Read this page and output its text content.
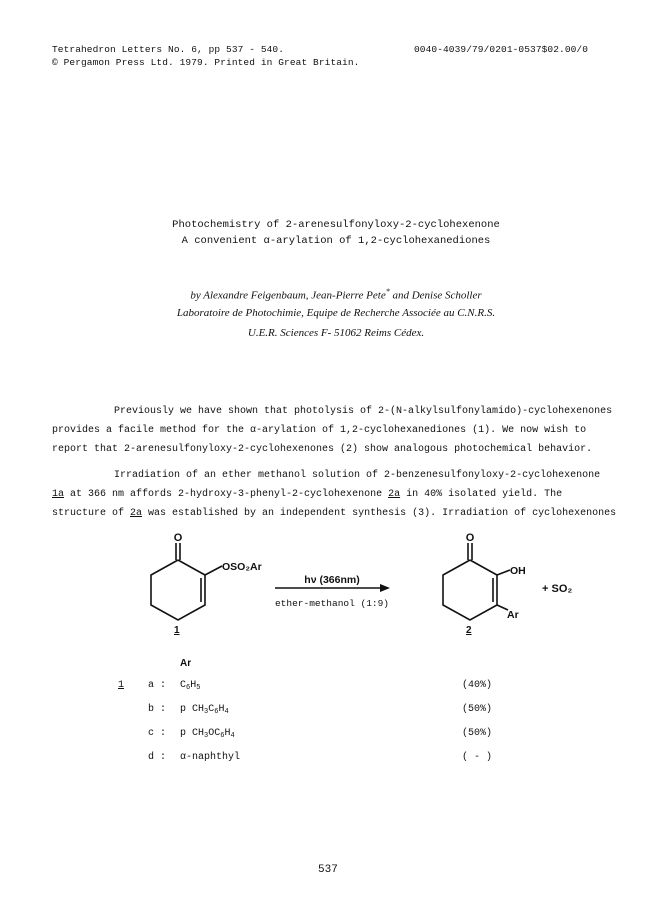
Tetrahedron Letters No. 6, pp 537 - 540.
© Pergamon Press Ltd. 1979. Printed in Great Britain.
0040-4039/79/0201-0537$02.00/0
Photochemistry of 2-arenesulfonyloxy-2-cyclohexenone
A convenient α-arylation of 1,2-cyclohexanediones
by Alexandre Feigenbaum, Jean-Pierre Pete* and Denise Scholler
Laboratoire de Photochimie, Equipe de Recherche Associée au C.N.R.S.
U.E.R. Sciences F- 51062 Reims Cédex.
Previously we have shown that photolysis of 2-(N-alkylsulfonylamido)-cyclohexenones
provides a facile method for the α-arylation of 1,2-cyclohexanediones (1). We now wish to
report that 2-arenesulfonyloxy-2-cyclohexenones (2) show analogous photochemical behavior.
Irradiation of an ether methanol solution of 2-benzenesulfonyloxy-2-cyclohexenone
1a at 366 nm affords 2-hydroxy-3-phenyl-2-cyclohexenone 2a in 40% isolated yield. The
structure of 2a was established by an independent synthesis (3). Irradiation of cyclohexenones
O
OSO₂Ar
hν (366nm)
ether-methanol (1:9)
O
OH
Ar
+ SO₂
1	2
Ar
1 a : $C_6H_5$	(40%)
b : p $CH_3C_6H_4$	(50%)
c : p $CH_3OC_6H_4$	(50%)
d : α-naphthyl	( - )
537
